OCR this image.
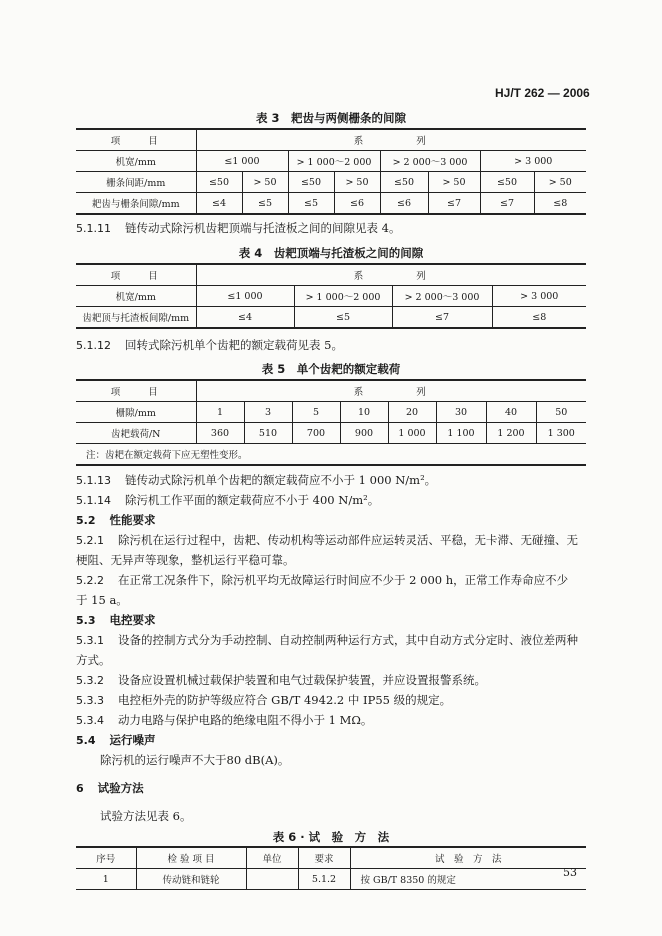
HJ/T 262 — 2006
表 3　耙齿与两侧栅条的间隙
项　　目	系　　　　列							
机宽/mm	≤1 000		> 1 000～2 000		> 2 000～3 000		> 3 000	
栅条间距/mm	≤50	> 50	≤50	> 50	≤50	> 50	≤50	> 50
耙齿与栅条间隙/mm	≤4	≤5	≤5	≤6	≤6	≤7	≤7	≤8
5.1.11 链传动式除污机齿耙顶端与托渣板之间的间隙见表 4。
表 4　齿耙顶端与托渣板之间的间隙
项　　目	系　　　　列			
机宽/mm	≤1 000	> 1 000～2 000	> 2 000～3 000	> 3 000
齿耙顶与托渣板间隙/mm	≤4	≤5	≤7	≤8
5.1.12 回转式除污机单个齿耙的额定载荷见表 5。
表 5　单个齿耙的额定载荷
项　　目	系　　　　列							
栅隙/mm	1	3	5	10	20	30	40	50
齿耙载荷/N	360	510	700	900	1 000	1 100	1 200	1 300
注：齿耙在额定载荷下应无塑性变形。								
5.1.13 链传动式除污机单个齿耙的额定载荷应不小于 1 000 N/m²。
5.1.14 除污机工作平面的额定载荷应不小于 400 N/m²。
5.2 性能要求
5.2.1 除污机在运行过程中，齿耙、传动机构等运动部件应运转灵活、平稳，无卡滞、无碰撞、无
梗阻、无异声等现象，整机运行平稳可靠。
5.2.2 在正常工况条件下，除污机平均无故障运行时间应不少于 2 000 h，正常工作寿命应不少
于 15 a。
5.3 电控要求
5.3.1 设备的控制方式分为手动控制、自动控制两种运行方式，其中自动方式分定时、液位差两种
方式。
5.3.2 设备应设置机械过载保护装置和电气过载保护装置，并应设置报警系统。
5.3.3 电控柜外壳的防护等级应符合 GB/T 4942.2 中 IP55 级的规定。
5.3.4 动力电路与保护电路的绝缘电阻不得小于 1 MΩ。
5.4 运行噪声
除污机的运行噪声不大于80 dB(A)。
6 试验方法
试验方法见表 6。
表 6 · 试　验　方　法
序号	检 验 项 目	单位	要求	试　验　方　法
1	传动链和链轮		5.1.2	按 GB/T 8350 的规定
53
